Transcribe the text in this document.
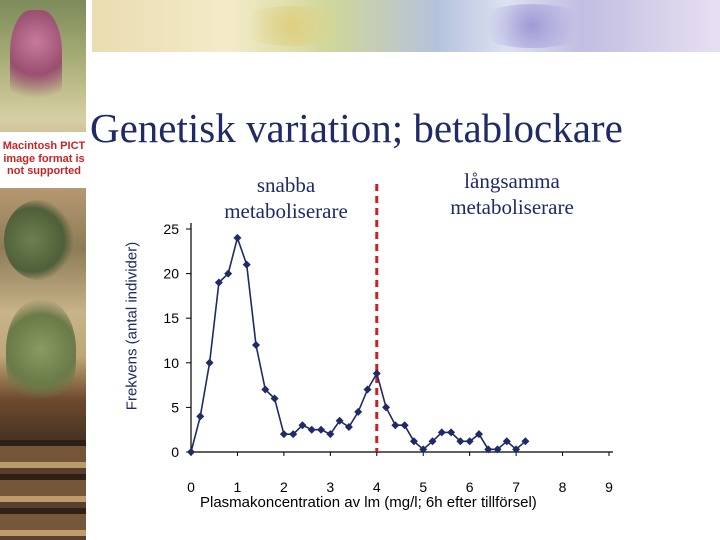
Macintosh PICT image format is not supported
Genetisk variation; betablockare
snabba metaboliserare
långsamma metaboliserare
Frekvens (antal individer)
Plasmakoncentration av lm (mg/l; 6h efter tillförsel)
0
5
10
15
20
25
0	1	2	3	4	5	6	7	8	9
